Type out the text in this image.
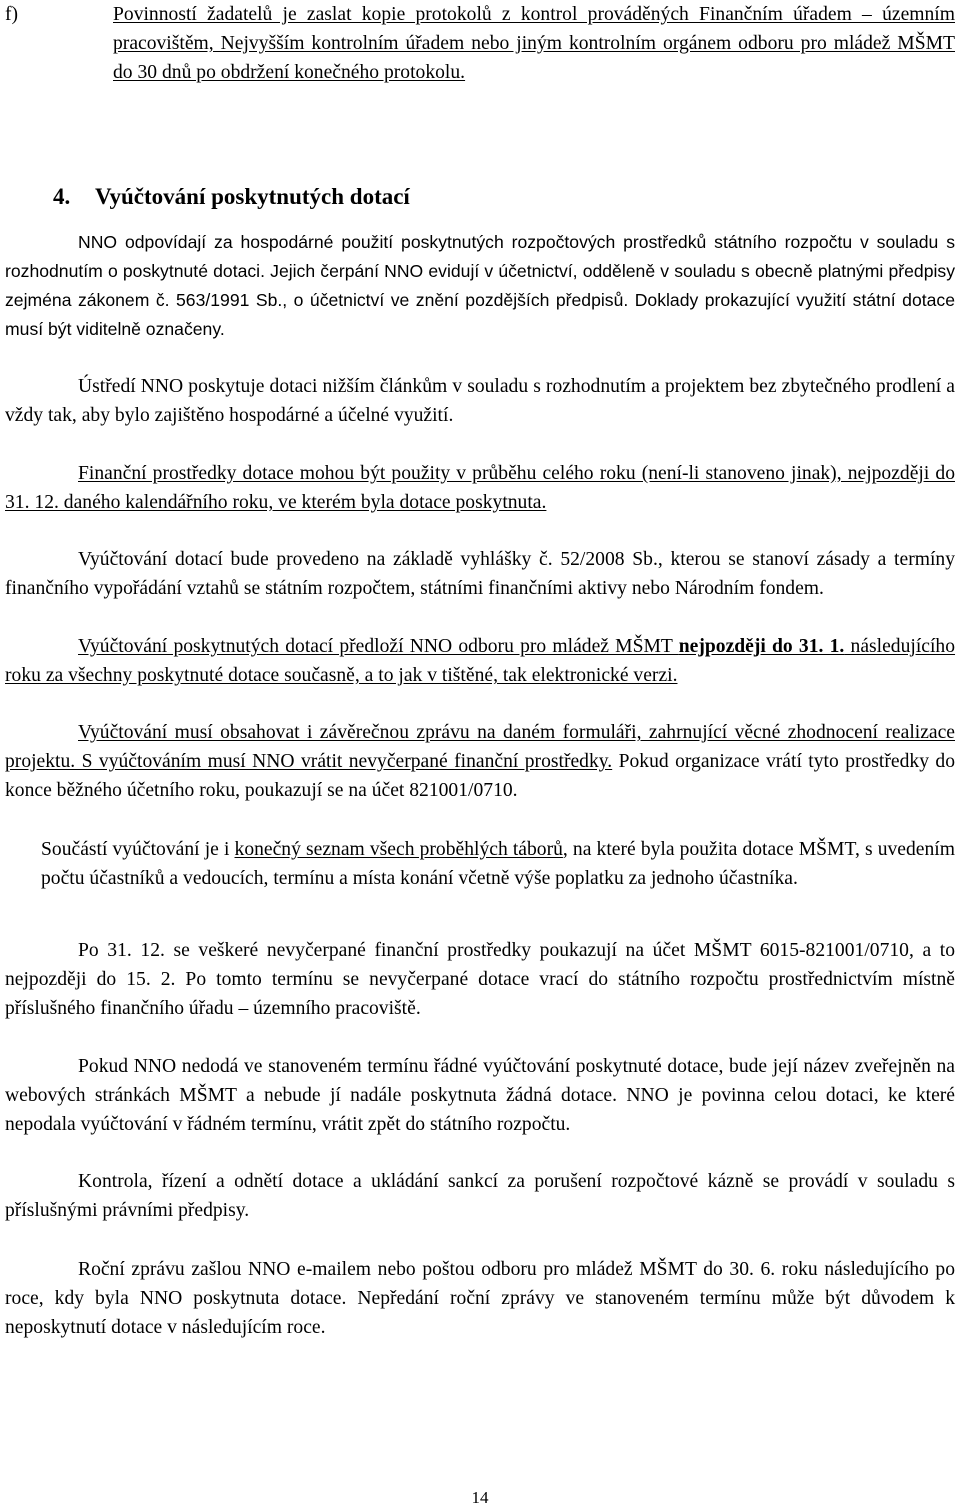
f)	Povinností žadatelů je zaslat kopie protokolů z kontrol prováděných Finančním úřadem – územním pracovištěm, Nejvyšším kontrolním úřadem nebo jiným kontrolním orgánem odboru pro mládež MŠMT do 30 dnů po obdržení konečného protokolu.

4. Vyúčtování poskytnutých dotací

NNO odpovídají za hospodárné použití poskytnutých rozpočtových prostředků státního rozpočtu v souladu s rozhodnutím o poskytnuté dotaci. Jejich čerpání NNO evidují v účetnictví, odděleně v souladu s obecně platnými předpisy zejména zákonem č. 563/1991 Sb., o účetnictví ve znění pozdějších předpisů. Doklady prokazující využití státní dotace musí být viditelně označeny.

Ústředí NNO poskytuje dotaci nižším článkům v souladu s rozhodnutím a projektem bez zbytečného prodlení a vždy tak, aby bylo zajištěno hospodárné a účelné využití.

Finanční prostředky dotace mohou být použity v průběhu celého roku (není-li stanoveno jinak), nejpozději do 31. 12. daného kalendářního roku, ve kterém byla dotace poskytnuta.

Vyúčtování dotací bude provedeno na základě vyhlášky č. 52/2008 Sb., kterou se stanoví zásady a termíny finančního vypořádání vztahů se státním rozpočtem, státními finančními aktivy nebo Národním fondem.

Vyúčtování poskytnutých dotací předloží NNO odboru pro mládež MŠMT nejpozději do 31. 1. následujícího roku za všechny poskytnuté dotace současně, a to jak v tištěné, tak elektronické verzi.

Vyúčtování musí obsahovat i závěrečnou zprávu na daném formuláři, zahrnující věcné zhodnocení realizace projektu. S vyúčtováním musí NNO vrátit nevyčerpané finanční prostředky. Pokud organizace vrátí tyto prostředky do konce běžného účetního roku, poukazují se na účet 821001/0710.

Součástí vyúčtování je i konečný seznam všech proběhlých táborů, na které byla použita dotace MŠMT, s uvedením počtu účastníků a vedoucích, termínu a místa konání včetně výše poplatku za jednoho účastníka.

Po 31. 12. se veškeré nevyčerpané finanční prostředky poukazují na účet MŠMT 6015-821001/0710, a to nejpozději do 15. 2. Po tomto termínu se nevyčerpané dotace vrací do státního rozpočtu prostřednictvím místně příslušného finančního úřadu – územního pracoviště.

Pokud NNO nedodá ve stanoveném termínu řádné vyúčtování poskytnuté dotace, bude její název zveřejněn na webových stránkách MŠMT a nebude jí nadále poskytnuta žádná dotace. NNO je povinna celou dotaci, ke které nepodala vyúčtování v řádném termínu, vrátit zpět do státního rozpočtu.

Kontrola, řízení a odnětí dotace a ukládání sankcí za porušení rozpočtové kázně se provádí v souladu s příslušnými právními předpisy.

Roční zprávu zašlou NNO e-mailem nebo poštou odboru pro mládež MŠMT do 30. 6. roku následujícího po roce, kdy byla NNO poskytnuta dotace. Nepředání roční zprávy ve stanoveném termínu může být důvodem k neposkytnutí dotace v následujícím roce.

14
